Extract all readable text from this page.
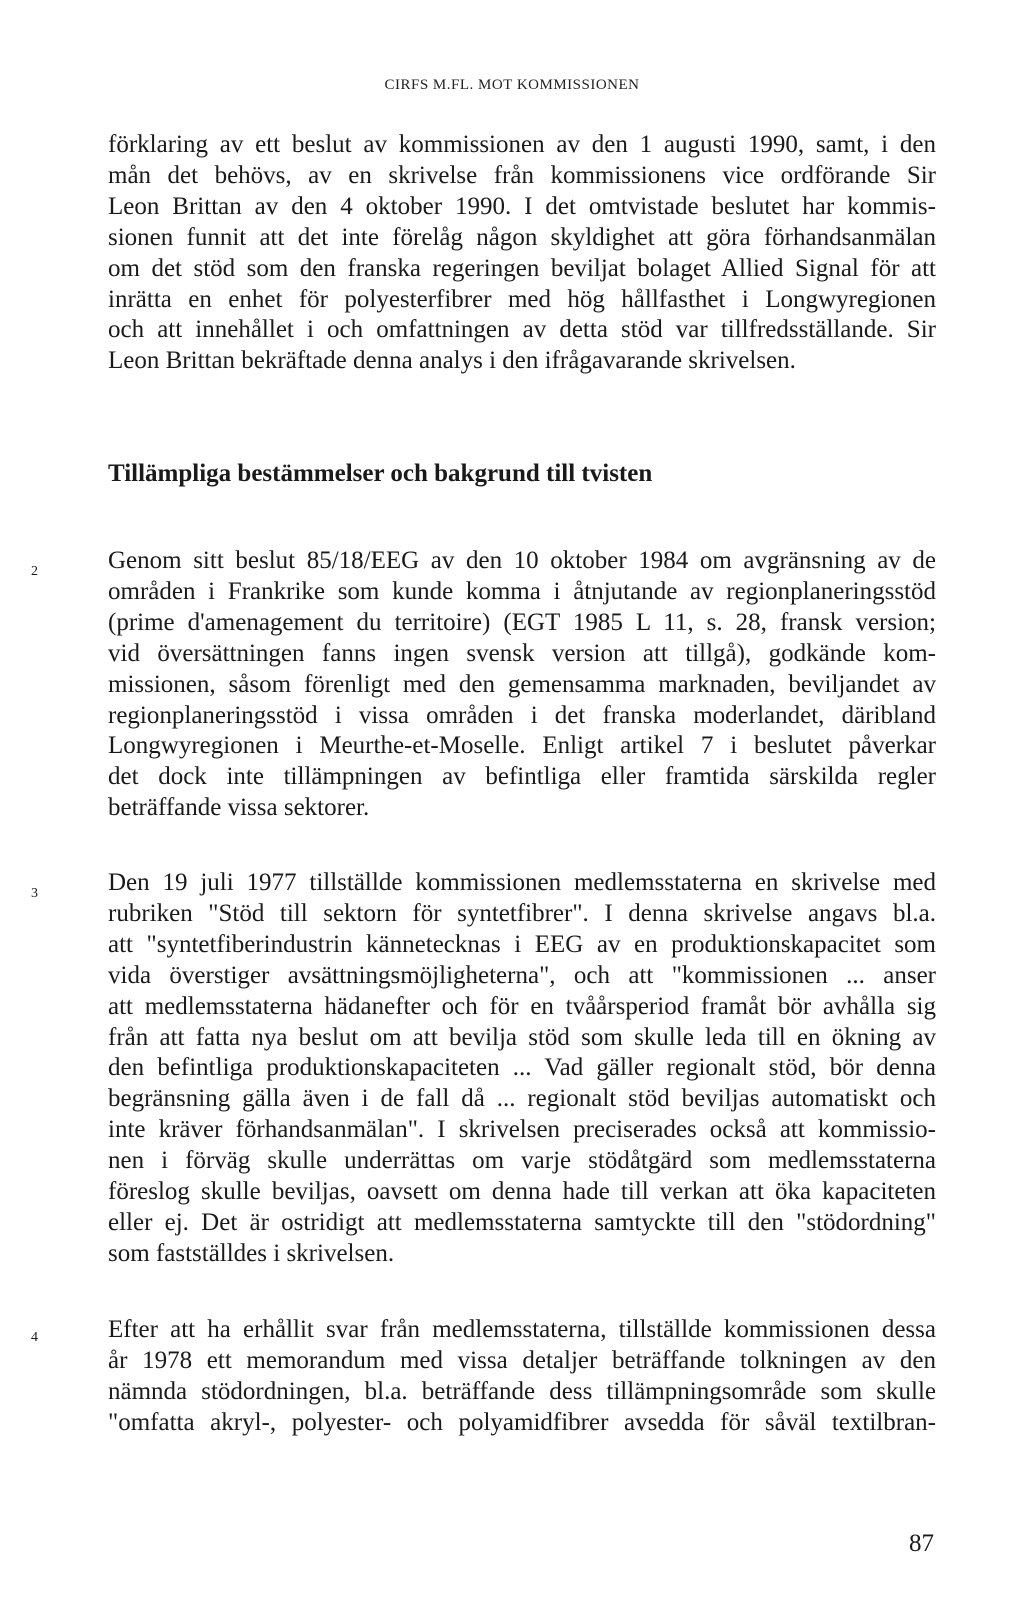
CIRFS M.FL. MOT KOMMISSIONEN
förklaring av ett beslut av kommissionen av den 1 augusti 1990, samt, i den
mån det behövs, av en skrivelse från kommissionens vice ordförande Sir
Leon Brittan av den 4 oktober 1990. I det omtvistade beslutet har kommis-
sionen funnit att det inte förelåg någon skyldighet att göra förhandsanmälan
om det stöd som den franska regeringen beviljat bolaget Allied Signal för att
inrätta en enhet för polyesterfibrer med hög hållfasthet i Longwyregionen
och att innehållet i och omfattningen av detta stöd var tillfredsställande. Sir
Leon Brittan bekräftade denna analys i den ifrågavarande skrivelsen.
Tillämpliga bestämmelser och bakgrund till tvisten
2	Genom sitt beslut 85/18/EEG av den 10 oktober 1984 om avgränsning av de
områden i Frankrike som kunde komma i åtnjutande av regionplaneringsstöd
(prime d'amenagement du territoire) (EGT 1985 L 11, s. 28, fransk version;
vid översättningen fanns ingen svensk version att tillgå), godkände kom-
missionen, såsom förenligt med den gemensamma marknaden, beviljandet av
regionplaneringsstöd i vissa områden i det franska moderlandet, däribland
Longwyregionen i Meurthe-et-Moselle. Enligt artikel 7 i beslutet påverkar
det dock inte tillämpningen av befintliga eller framtida särskilda regler
beträffande vissa sektorer.
3	Den 19 juli 1977 tillställde kommissionen medlemsstaterna en skrivelse med
rubriken "Stöd till sektorn för syntetfibrer". I denna skrivelse angavs bl.a.
att "syntetfiberindustrin kännetecknas i EEG av en produktionskapacitet som
vida överstiger avsättningsmöjligheterna", och att "kommissionen ... anser
att medlemsstaterna hädanefter och för en tvåårsperiod framåt bör avhålla sig
från att fatta nya beslut om att bevilja stöd som skulle leda till en ökning av
den befintliga produktionskapaciteten ... Vad gäller regionalt stöd, bör denna
begränsning gälla även i de fall då ... regionalt stöd beviljas automatiskt och
inte kräver förhandsanmälan". I skrivelsen preciserades också att kommissio-
nen i förväg skulle underrättas om varje stödåtgärd som medlemsstaterna
föreslog skulle beviljas, oavsett om denna hade till verkan att öka kapaciteten
eller ej. Det är ostridigt att medlemsstaterna samtyckte till den "stödordning"
som fastställdes i skrivelsen.
4	Efter att ha erhållit svar från medlemsstaterna, tillställde kommissionen dessa
år 1978 ett memorandum med vissa detaljer beträffande tolkningen av den
nämnda stödordningen, bl.a. beträffande dess tillämpningsområde som skulle
"omfatta akryl-, polyester- och polyamidfibrer avsedda för såväl textilbran-
87
